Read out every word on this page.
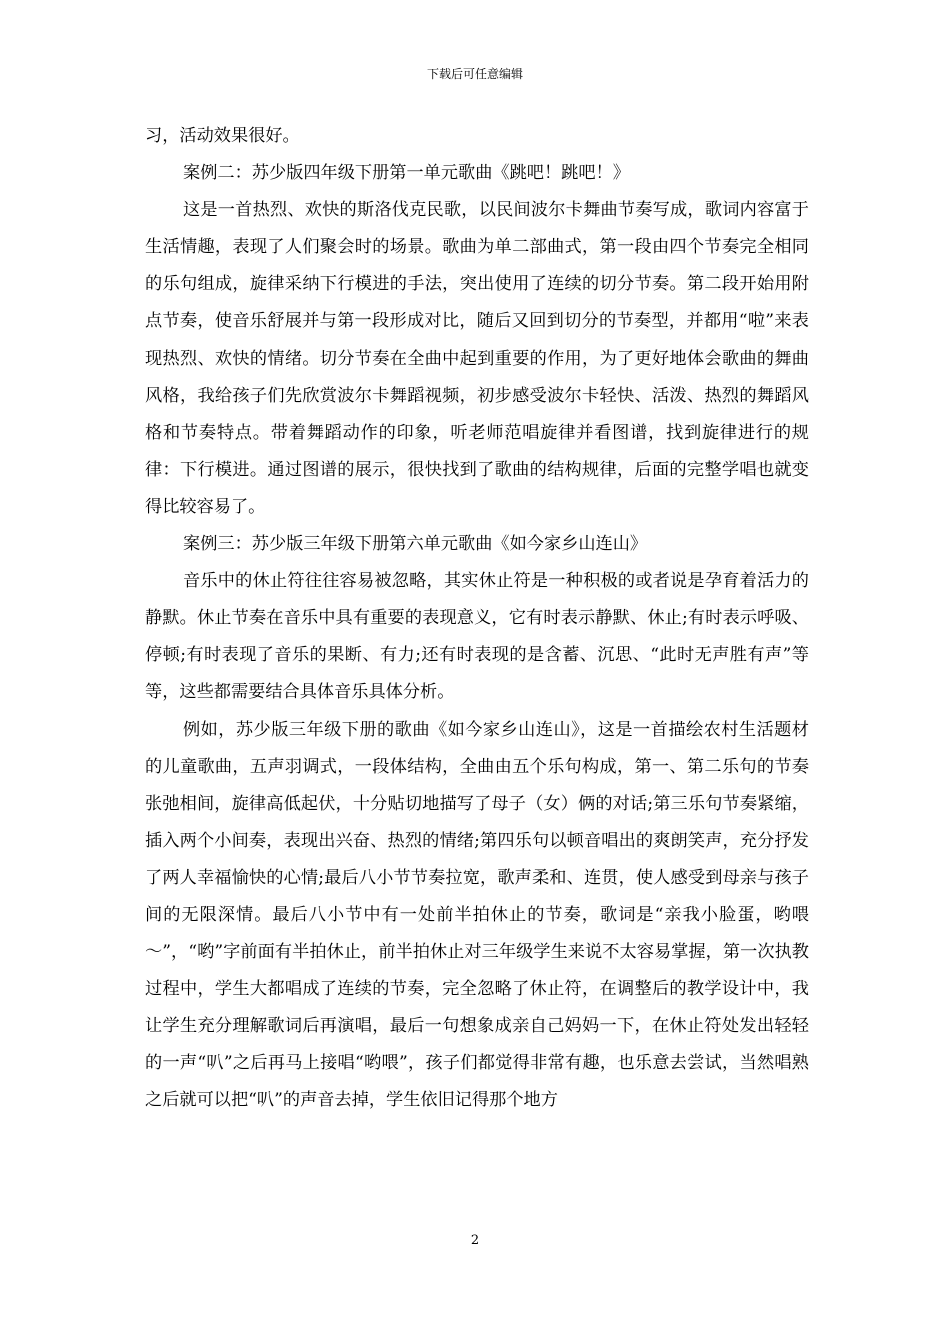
下载后可任意编辑

习，活动效果很好。

案例二：苏少版四年级下册第一单元歌曲《跳吧！跳吧！》

这是一首热烈、欢快的斯洛伐克民歌，以民间波尔卡舞曲节奏写成，歌词内容富于生活情趣，表现了人们聚会时的场景。歌曲为单二部曲式，第一段由四个节奏完全相同的乐句组成，旋律采纳下行模进的手法，突出使用了连续的切分节奏。第二段开始用附点节奏，使音乐舒展并与第一段形成对比，随后又回到切分的节奏型，并都用“啦”来表现热烈、欢快的情绪。切分节奏在全曲中起到重要的作用，为了更好地体会歌曲的舞曲风格，我给孩子们先欣赏波尔卡舞蹈视频，初步感受波尔卡轻快、活泼、热烈的舞蹈风格和节奏特点。带着舞蹈动作的印象，听老师范唱旋律并看图谱，找到旋律进行的规律：下行模进。通过图谱的展示，很快找到了歌曲的结构规律，后面的完整学唱也就变得比较容易了。

案例三：苏少版三年级下册第六单元歌曲《如今家乡山连山》

音乐中的休止符往往容易被忽略，其实休止符是一种积极的或者说是孕育着活力的静默。休止节奏在音乐中具有重要的表现意义，它有时表示静默、休止;有时表示呼吸、停顿;有时表现了音乐的果断、有力;还有时表现的是含蓄、沉思、“此时无声胜有声”等等，这些都需要结合具体音乐具体分析。

例如，苏少版三年级下册的歌曲《如今家乡山连山》，这是一首描绘农村生活题材的儿童歌曲，五声羽调式，一段体结构，全曲由五个乐句构成，第一、第二乐句的节奏张弛相间，旋律高低起伏，十分贴切地描写了母子（女）俩的对话;第三乐句节奏紧缩，插入两个小间奏，表现出兴奋、热烈的情绪;第四乐句以顿音唱出的爽朗笑声，充分抒发了两人幸福愉快的心情;最后八小节节奏拉宽，歌声柔和、连贯，使人感受到母亲与孩子间的无限深情。最后八小节中有一处前半拍休止的节奏，歌词是“亲我小脸蛋，哟喂～”，“哟”字前面有半拍休止，前半拍休止对三年级学生来说不太容易掌握，第一次执教过程中，学生大都唱成了连续的节奏，完全忽略了休止符，在调整后的教学设计中，我让学生充分理解歌词后再演唱，最后一句想象成亲自己妈妈一下，在休止符处发出轻轻的一声“叭”之后再马上接唱“哟喂”，孩子们都觉得非常有趣，也乐意去尝试，当然唱熟之后就可以把“叭”的声音去掉，学生依旧记得那个地方

2
